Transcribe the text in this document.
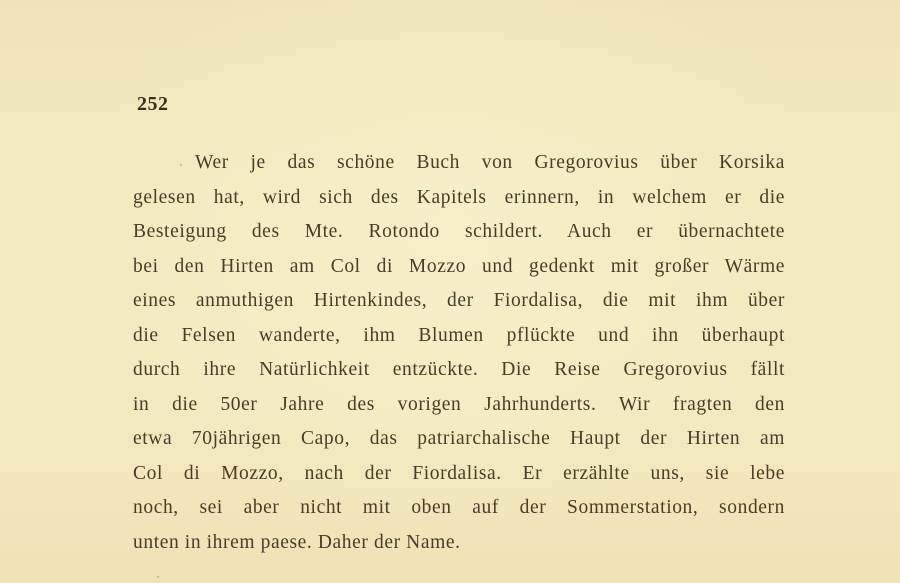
252
Wer je das schöne Buch von Gregorovius über Korsika
gelesen hat, wird sich des Kapitels erinnern, in welchem er die
Besteigung des Mte. Rotondo schildert. Auch er übernachtete
bei den Hirten am Col di Mozzo und gedenkt mit großer Wärme
eines anmuthigen Hirtenkindes, der Fiordalisa, die mit ihm über
die Felsen wanderte, ihm Blumen pflückte und ihn überhaupt
durch ihre Natürlichkeit entzückte. Die Reise Gregorovius fällt
in die 50er Jahre des vorigen Jahrhunderts. Wir fragten den
etwa 70jährigen Capo, das patriarchalische Haupt der Hirten am
Col di Mozzo, nach der Fiordalisa. Er erzählte uns, sie lebe
noch, sei aber nicht mit oben auf der Sommerstation, sondern
unten in ihrem paese. Daher der Name.
